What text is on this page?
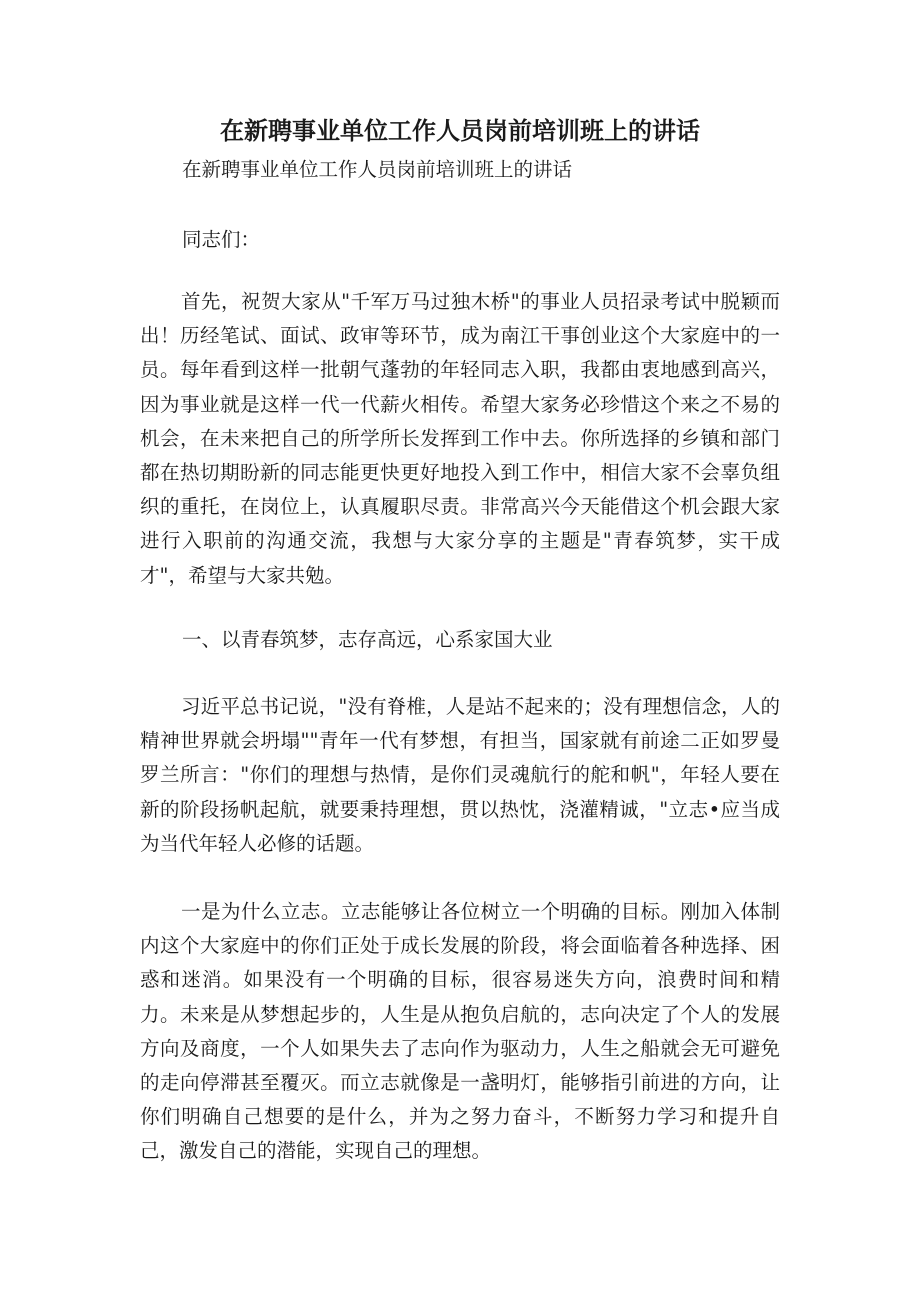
在新聘事业单位工作人员岗前培训班上的讲话

在新聘事业单位工作人员岗前培训班上的讲话

同志们：

首先，祝贺大家从"千军万马过独木桥"的事业人员招录考试中脱颖而出！历经笔试、面试、政审等环节，成为南江干事创业这个大家庭中的一员。每年看到这样一批朝气蓬勃的年轻同志入职，我都由衷地感到高兴，因为事业就是这样一代一代薪火相传。希望大家务必珍惜这个来之不易的机会，在未来把自己的所学所长发挥到工作中去。你所选择的乡镇和部门都在热切期盼新的同志能更快更好地投入到工作中，相信大家不会辜负组织的重托，在岗位上，认真履职尽责。非常高兴今天能借这个机会跟大家进行入职前的沟通交流，我想与大家分享的主题是"青春筑梦，实干成才"，希望与大家共勉。

一、以青春筑梦，志存高远，心系家国大业

习近平总书记说，"没有脊椎，人是站不起来的；没有理想信念，人的精神世界就会坍塌""青年一代有梦想，有担当，国家就有前途二正如罗曼罗兰所言："你们的理想与热情，是你们灵魂航行的舵和帆"，年轻人要在新的阶段扬帆起航，就要秉持理想，贯以热忱，浇灌精诚，"立志•应当成为当代年轻人必修的话题。

一是为什么立志。立志能够让各位树立一个明确的目标。刚加入体制内这个大家庭中的你们正处于成长发展的阶段，将会面临着各种选择、困惑和迷消。如果没有一个明确的目标，很容易迷失方向，浪费时间和精力。未来是从梦想起步的，人生是从抱负启航的，志向决定了个人的发展方向及商度，一个人如果失去了志向作为驱动力，人生之船就会无可避免的走向停滞甚至覆灭。而立志就像是一盏明灯，能够指引前进的方向，让你们明确自己想要的是什么，并为之努力奋斗，不断努力学习和提升自己，激发自己的潜能，实现自己的理想。
